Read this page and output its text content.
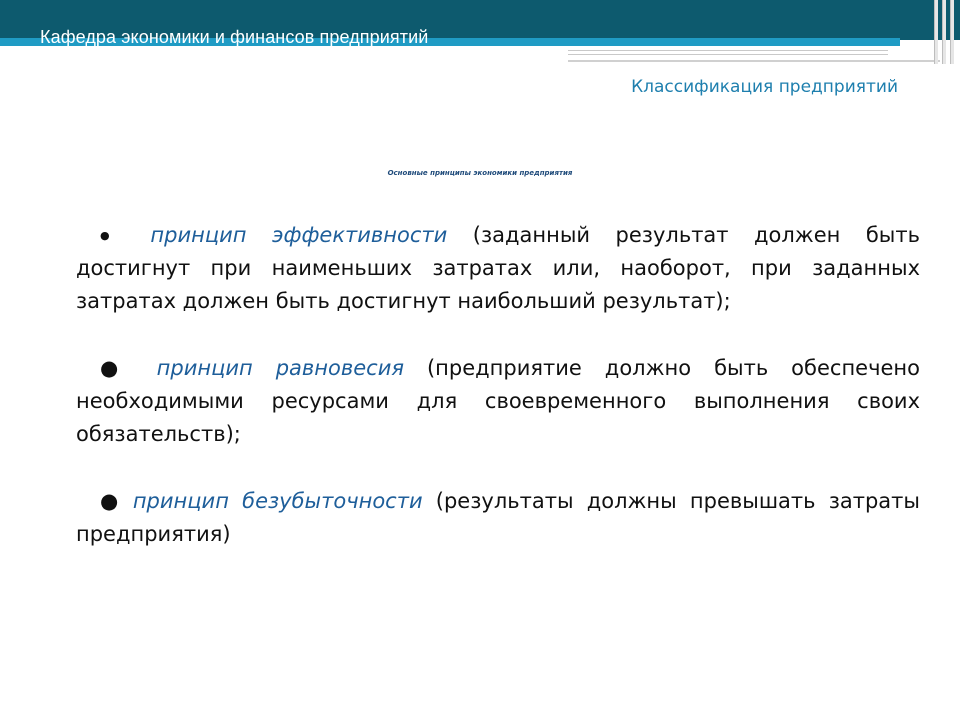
Кафедра экономики и финансов предприятий
Классификация предприятий
Основные принципы экономики предприятия

● принцип эффективности (заданный результат должен быть достигнут при наименьших затратах или, наоборот, при заданных затратах должен быть достигнут наибольший результат);

● принцип равновесия (предприятие должно быть обеспечено необходимыми ресурсами для своевременного выполнения своих обязательств);

● принцип безубыточности (результаты должны превышать затраты предприятия)
